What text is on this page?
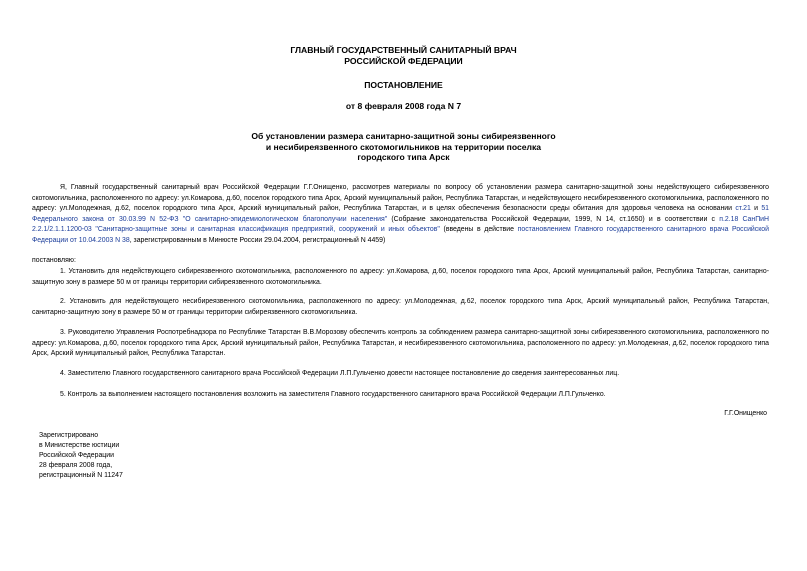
ГЛАВНЫЙ ГОСУДАРСТВЕННЫЙ САНИТАРНЫЙ ВРАЧ
РОССИЙСКОЙ ФЕДЕРАЦИИ
ПОСТАНОВЛЕНИЕ
от 8 февраля 2008 года N 7
Об установлении размера санитарно-защитной зоны сибиреязвенного
и несибиреязвенного скотомогильников на территории поселка
городского типа Арск
Я, Главный государственный санитарный врач Российской Федерации Г.Г.Онищенко, рассмотрев материалы по вопросу об установлении размера санитарно-защитной зоны недействующего сибиреязвенного скотомогильника, расположенного по адресу: ул.Комарова, д.60, поселок городского типа Арск, Арский муниципальный район, Республика Татарстан, и недействующего несибиреязвенного скотомогильника, расположенного по адресу: ул.Молодежная, д.62, поселок городского типа Арск, Арский муниципальный район, Республика Татарстан, и в целях обеспечения безопасности среды обитания для здоровья человека на основании ст.21 и 51 Федерального закона от 30.03.99 N 52-ФЗ "О санитарно-эпидемиологическом благополучии населения" (Собрание законодательства Российской Федерации, 1999, N 14, ст.1650) и в соответствии с п.2.18 СанПиН 2.2.1/2.1.1.1200-03 "Санитарно-защитные зоны и санитарная классификация предприятий, сооружений и иных объектов" (введены в действие постановлением Главного государственного санитарного врача Российской Федерации от 10.04.2003 N 38, зарегистрированным в Минюсте России 29.04.2004, регистрационный N 4459)
постановляю:
1. Установить для недействующего сибиреязвенного скотомогильника, расположенного по адресу: ул.Комарова, д.60, поселок городского типа Арск, Арский муниципальный район, Республика Татарстан, санитарно-защитную зону в размере 50 м от границы территории сибиреязвенного скотомогильника.
2. Установить для недействующего несибиреязвенного скотомогильника, расположенного по адресу: ул.Молодежная, д.62, поселок городского типа Арск, Арский муниципальный район, Республика Татарстан, санитарно-защитную зону в размере 50 м от границы территории сибиреязвенного скотомогильника.
3. Руководителю Управления Роспотребнадзора по Республике Татарстан В.В.Морозову обеспечить контроль за соблюдением размера санитарно-защитной зоны сибиреязвенного скотомогильника, расположенного по адресу: ул.Комарова, д.60, поселок городского типа Арск, Арский муниципальный район, Республика Татарстан, и несибиреязвенного скотомогильника, расположенного по адресу: ул.Молодежная, д.62, поселок городского типа Арск, Арский муниципальный район, Республика Татарстан.
4. Заместителю Главного государственного санитарного врача Российской Федерации Л.П.Гульченко довести настоящее постановление до сведения заинтересованных лиц.
5. Контроль за выполнением настоящего постановления возложить на заместителя Главного государственного санитарного врача Российской Федерации Л.П.Гульченко.
Г.Г.Онищенко
Зарегистрировано
в Министерстве юстиции
Российской Федерации
28 февраля 2008 года,
регистрационный N 11247
